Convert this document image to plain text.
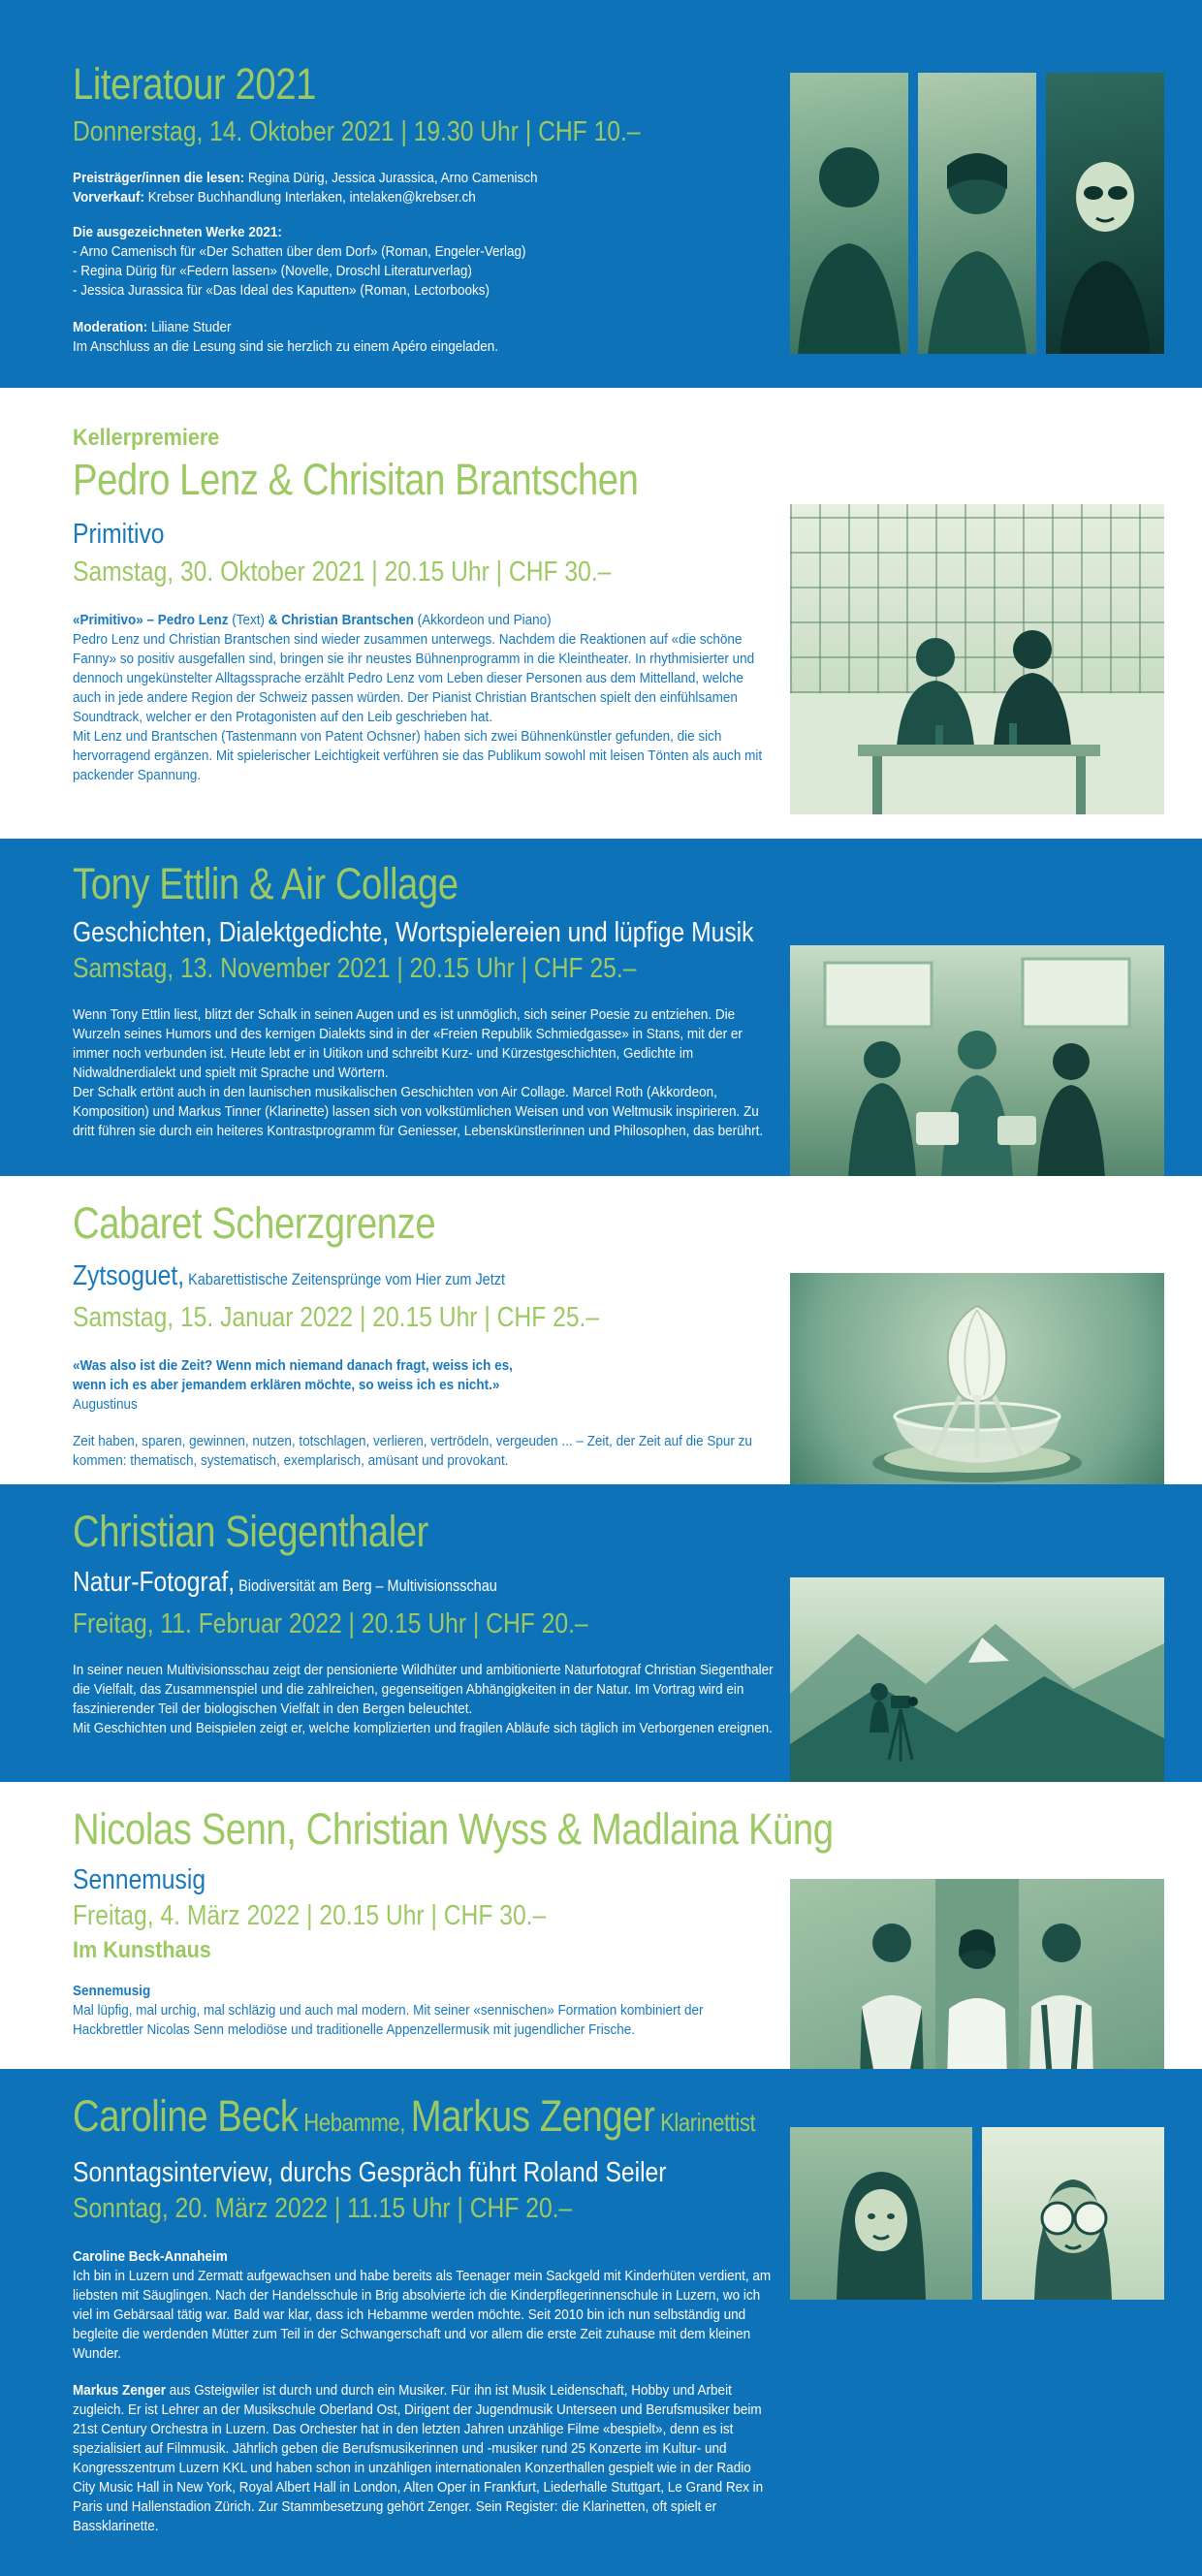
Literatour 2021
Donnerstag, 14. Oktober 2021 | 19.30 Uhr | CHF 10.–
Preisträger/innen die lesen: Regina Dürig, Jessica Jurassica, Arno Camenisch
Vorverkauf: Krebser Buchhandlung Interlaken, intelaken@krebser.ch
Die ausgezeichneten Werke 2021:
- Arno Camenisch für «Der Schatten über dem Dorf» (Roman, Engeler-Verlag)
- Regina Dürig für «Federn lassen» (Novelle, Droschl Literaturverlag)
- Jessica Jurassica für «Das Ideal des Kaputten» (Roman, Lectorbooks)
Moderation: Liliane Studer
Im Anschluss an die Lesung sind sie herzlich zu einem Apéro eingeladen.
Kellerpremiere
Pedro Lenz & Chrisitan Brantschen
Primitivo
Samstag, 30. Oktober 2021 | 20.15 Uhr | CHF 30.–
«Primitivo» – Pedro Lenz (Text) & Christian Brantschen (Akkordeon und Piano)
Pedro Lenz und Christian Brantschen sind wieder zusammen unterwegs. Nachdem die Reaktionen auf «die schöne Fanny» so positiv ausgefallen sind, bringen sie ihr neustes Bühnenprogramm in die Kleintheater. In rhythmisierter und dennoch ungekünstelter Alltagssprache erzählt Pedro Lenz vom Leben dieser Personen aus dem Mittelland, welche auch in jede andere Region der Schweiz passen würden. Der Pianist Christian Brantschen spielt den einfühlsamen Soundtrack, welcher er den Protagonisten auf den Leib geschrieben hat.
Mit Lenz und Brantschen (Tastenmann von Patent Ochsner) haben sich zwei Bühnenkünstler gefunden, die sich hervorragend ergänzen. Mit spielerischer Leichtigkeit verführen sie das Publikum sowohl mit leisen Tönten als auch mit packender Spannung.
Tony Ettlin & Air Collage
Geschichten, Dialektgedichte, Wortspielereien und lüpfige Musik
Samstag, 13. November 2021 | 20.15 Uhr | CHF 25.–
Wenn Tony Ettlin liest, blitzt der Schalk in seinen Augen und es ist unmöglich, sich seiner Poesie zu entziehen. Die Wurzeln seines Humors und des kernigen Dialekts sind in der «Freien Republik Schmiedgasse» in Stans, mit der er immer noch verbunden ist. Heute lebt er in Uitikon und schreibt Kurz- und Kürzestgeschichten, Gedichte im Nidwaldnerdialekt und spielt mit Sprache und Wörtern.
Der Schalk ertönt auch in den launischen musikalischen Geschichten von Air Collage. Marcel Roth (Akkordeon, Komposition) und Markus Tinner (Klarinette) lassen sich von volkstümlichen Weisen und von Weltmusik inspirieren. Zu dritt führen sie durch ein heiteres Kontrastprogramm für Geniesser, Lebenskünstlerinnen und Philosophen, das berührt.
Cabaret Scherzgrenze
Zytsoguet, Kabarettistische Zeitensprünge vom Hier zum Jetzt
Samstag, 15. Januar 2022 | 20.15 Uhr | CHF 25.–
«Was also ist die Zeit? Wenn mich niemand danach fragt, weiss ich es,
wenn ich es aber jemandem erklären möchte, so weiss ich es nicht.»
Augustinus
Zeit haben, sparen, gewinnen, nutzen, totschlagen, verlieren, vertrödeln, vergeuden ... – Zeit, der Zeit auf die Spur zu kommen: thematisch, systematisch, exemplarisch, amüsant und provokant.
Christian Siegenthaler
Natur-Fotograf, Biodiversität am Berg – Multivisionsschau
Freitag, 11. Februar 2022 | 20.15 Uhr | CHF 20.–
In seiner neuen Multivisionsschau zeigt der pensionierte Wildhüter und ambitionierte Naturfotograf Christian Siegenthaler die Vielfalt, das Zusammenspiel und die zahlreichen, gegenseitigen Abhängigkeiten in der Natur. Im Vortrag wird ein faszinierender Teil der biologischen Vielfalt in den Bergen beleuchtet.
Mit Geschichten und Beispielen zeigt er, welche komplizierten und fragilen Abläufe sich täglich im Verborgenen ereignen.
Nicolas Senn, Christian Wyss & Madlaina Küng
Sennemusig
Freitag, 4. März 2022 | 20.15 Uhr | CHF 30.–
Im Kunsthaus
Sennemusig
Mal lüpfig, mal urchig, mal schläzig und auch mal modern. Mit seiner «sennischen» Formation kombiniert der Hackbrettler Nicolas Senn melodiöse und traditionelle Appenzellermusik mit jugendlicher Frische.
Caroline Beck Hebamme, Markus Zenger Klarinettist
Sonntagsinterview, durchs Gespräch führt Roland Seiler
Sonntag, 20. März 2022 | 11.15 Uhr | CHF 20.–
Caroline Beck-Annaheim
Ich bin in Luzern und Zermatt aufgewachsen und habe bereits als Teenager mein Sackgeld mit Kinderhüten verdient, am liebsten mit Säuglingen. Nach der Handelsschule in Brig absolvierte ich die Kinderpflegerinnenschule in Luzern, wo ich viel im Gebärsaal tätig war. Bald war klar, dass ich Hebamme werden möchte. Seit 2010 bin ich nun selbständig und begleite die werdenden Mütter zum Teil in der Schwangerschaft und vor allem die erste Zeit zuhause mit dem kleinen Wunder.
Markus Zenger aus Gsteigwiler ist durch und durch ein Musiker. Für ihn ist Musik Leidenschaft, Hobby und Arbeit zugleich. Er ist Lehrer an der Musikschule Oberland Ost, Dirigent der Jugendmusik Unterseen und Berufsmusiker beim 21st Century Orchestra in Luzern. Das Orchester hat in den letzten Jahren unzählige Filme «bespielt», denn es ist spezialisiert auf Filmmusik. Jährlich geben die Berufsmusikerinnen und -musiker rund 25 Konzerte im Kultur- und Kongresszentrum Luzern KKL und haben schon in unzähligen internationalen Konzerthallen gespielt wie in der Radio City Music Hall in New York, Royal Albert Hall in London, Alten Oper in Frankfurt, Liederhalle Stuttgart, Le Grand Rex in Paris und Hallenstadion Zürich. Zur Stammbesetzung gehört Zenger. Sein Register: die Klarinetten, oft spielt er Bassklarinette.
